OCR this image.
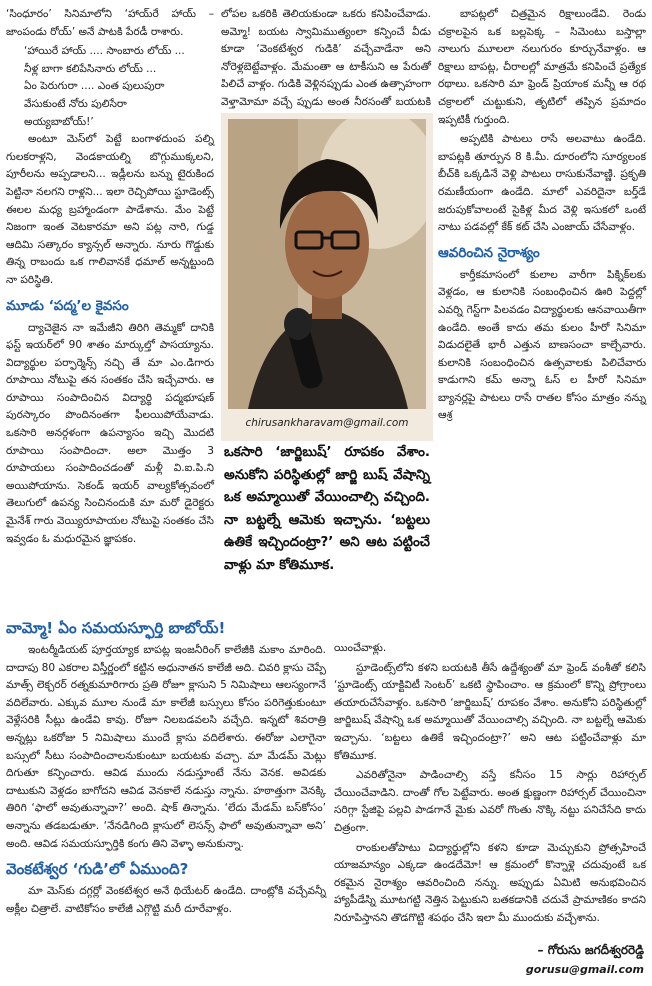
‘సింధూరం’ సినిమాలోని ‘హాయ్‌రే హాయ్ – జాంపండు రోయ్’ అనే పాటకి పేరడీ రాశారు.

‘హాయిరే హాయ్ .... సాంబారు లోయ్ ...
నీళ్ల బాగా కలిపేసినారు లోయ్ ...
ఏం పెరుగురా .... ఎంత పులుపురా
వేసుకుంటే నోరు పులిసేరా
అయ్యబాబోయ్!’

అంటూ మెస్‌లో పెట్టే బంగాళదుంప పల్ని గులకరాళ్లని, వెండకాయల్ని బొగ్గుముక్కలని, పూరీలను అప్పడాలని... ఇడ్లీలను బన్ను టైరుకింద పెట్టినా నలగని రాళ్లని... ఇలా రెచ్చిపోయి స్టూడెంట్స్ ఈలల మధ్య బ్రహ్మాండంగా పాడేశాను. మేం పెట్టే నిజంగా ఇంత వెటకారమా అని పట్ల నారి, గుడ్డ ఆదిమి సత్కారం క్యాన్సల్ అన్నారు. నూరు గొడ్డుకు తిన్న రాబందు ఒక గాలివానకే ధమాల్ అన్నట్టుంది నా పరిస్థితి.

మూడు ‘పద్మ’ల కైవసం

ద్యాచెజైన నా ఇమేజీని తిరిగి తెమ్మకో దానికి ఫస్ట్ ఇయర్‌లో 90 శాతం మార్కుల్తో పాసయ్యాను. విద్యార్థుల పర్ఫార్మెన్స్ నచ్చి తే మా ఎం.డిగారు రూపాయి నోటుపై తన సంతకం చేసి ఇచ్చేవారు. ఆ రూపాయి సంపాదించిన విద్యార్థి పద్మభూషణ్ పురస్కారం పొందినంతగా ఫీలయిపోయేవాడు. ఒకసారి అనర్గళంగా ఉపన్యాసం ఇచ్చి మొదటి రూపాయి సంపాదించా. అలా మొత్తం 3 రూపాయలు సంపాదించడంతో మళ్లీ వి.ఐ.పి.ని అయిపోయాను. సెకండ్ ఇయర్ వాల్యకోత్సవంలో తెలుగులో ఉపన్య సించినందుకి మా మరో డైరెక్టరు మైనేశ్ గారు వెయ్యిరూపాయల నోటుపై సంతకం చేసి ఇవ్వడం ఓ మధురమైన జ్ఞాపకం.

లోపల ఒకరికి తెలియకుండా ఒకరు కనిపించేవాడు. అమ్మో! బయట స్వామిముత్యంలా కన్పించే వీడు కూడా ‘వెంకటేశ్వర గుడికి’ వచ్చేవాడేనా అని నోరెళ్లబెట్టేవాళ్లం. మేమంతా ఆ టాకీసుని ఆ పేరుతో పిలిచే వాళ్లం. గుడికి వెళ్లినప్పుడు ఎంత ఉత్సాహంగా వెళ్తామోమా వచ్చే ప్పుడు అంత నీరసంతో బయటకి

chirusankharavam@gmail.com

ఒకసారి ‘జార్జిబుష్’ రూపకం వేశాం. అనుకోని పరిస్థితుల్లో జార్జి బుష్ వేషాన్ని ఒక అమ్మాయితో వేయించాల్సి వచ్చింది. నా బట్టల్నే ఆమెకు ఇచ్చాను. ‘బట్టలు ఉతికే ఇచ్చిందంట్రా?’ అని ఆట పట్టించే వాళ్లు మా కోతిమూక.

బాపట్లలో చిత్రమైన రిక్షాలుండేవి. రెండు చక్రాలపైన ఒక బల్లపెక్క – సిమెంటు బస్తాల్లా నాలుగు మూలలా నలుగురం కూర్చునేవాళ్లం. ఆ రిక్షాలు బాపట్ల, చీరాలల్లో మాత్రమే కనిపించే ప్రత్యేక రథాలు. ఒకసారి మా ఫ్రెండ్ ప్రియాంక మన్నీ ఆ రథ చక్రాలలో చుట్టుకుని, తృటిలో తప్పిన ప్రమాదం ఇప్పటికీ గుర్తుంది.

అప్పటికి పాటలు రాసే అలవాటు ఉండేది. బాపట్లకి తూర్పున 8 కి.మీ. దూరంలోని సూర్యలంక బీచ్‌కి ఒక్కడినే వెళ్లి పాటలు రాసుకునేవాణ్ణి. ప్రకృతి రమణీయంగా ఉండేది. మాలో ఎవరిదైనా బర్త్‌డే జరుపుకోవాలంటే సైకిళ్ల మీద వెళ్లి ఇసుకలో ఒంటే నాటు పడవల్లో కేక్ కట్ చేసి ఎంజాయ్ చేసేవాళ్లం.

ఆవరించిన నైరాశ్యం

కార్తీకమాసంలో కులాల వారీగా పిక్నిక్‌లకు వెళ్లడం, ఆ కులానికి సంబంధించిన ఊరి పెద్దల్లో ఎవర్ని గెస్ట్‌గా పిలవడం విద్యార్థులకు ఆనవాయితీగా ఉండేది. అంతే కాదు తమ కులం హీరో సినిమా విడుదలైతే భారీ ఎత్తున బాణసంచా కాల్చేవారు. కులానికి సంబంధించిన ఉత్సవాలకు పిలిచేవారు కాడుగాని కమ్ అన్నా ఓస్ ల హీరో సినిమా బ్యానర్లపై పాటలు రాసే రాతల కోసం మాత్రం నన్ను ఆశ్ర

వామ్మో! ఏం సమయస్ఫూర్తి బాబోయ్!

ఇంటర్మీడియట్ పూర్తయ్యాక బాపట్ల ఇంజనీరింగ్ కాలేజీకి మకాం మారింది. దాదాపు 80 ఎకరాల విస్తీర్ణంలో కట్టిన అధునాతన కాలేజీ అది. చివరి క్లాసు చెప్పే మాత్స్ లెక్చరర్ రత్నకుమారిగారు ప్రతి రోజూ క్లాసుని 5 నిమిషాలు ఆలస్యంగానే వదిలేవారు. ఎక్కువ మూల నుండే మా కాలేజీ బస్సులు కోసం పరిగెత్తుకుంటూ వెళ్లేసరికి సీట్లు ఉండేవి కావు. రోజూ నిలబడవలసి వచ్చేది. ఇన్నటో శివరాత్రి అన్నట్లు ఒకరోజు 5 నిమిషాలు ముందే క్లాసు వదిలేశారు. ఈరోజు ఎలాగైనా బస్సులో సీటు సంపాదించాలనుకుంటూ బయటకు వచ్చా. మా మేడమ్ మెట్లు దిగుతూ కన్పించారు. ఆవిడ ముందు నడుస్తూంటే నేను వెనక. అవిడకు దాటుకుని వెళ్లడం బాగోదని ఆవిడ వెనకాలే నడుస్తు న్నాను. హఠాత్తుగా వెనక్కి తిరిగి ‘ఫాలో అవుతున్నావా?’ అంది. షాక్ తిన్నాను. ‘లేదు మేడమ్ బస్‌కోసం’ అన్నాను తడబడుతూ. ‘నేనడిగింది క్లాసులో లెసన్స్ ఫాలో అవుతున్నావా అని’ అంది. ఆవిడ సమయస్ఫూర్తికి కంగు తిని వెళ్ళా అనుకున్నా.

వెంకటేశ్వర ‘గుడి’లో ఏముంది?

మా మెస్‌కు దగ్గర్లో వెంకటేశ్వర అనే థియేటర్ ఉండేది. దాంట్లోకి వచ్చేవన్నీ అక్లీల చిత్రాలే. వాటికోసం కాలేజీ ఎగ్గొట్టి మరీ దూరేవాళ్లం.

యించేవాళ్లు.

స్టూడెంట్స్‌లోని కళని బయటకి తీసే ఉద్దేశ్యంతో మా ఫ్రెండ్ వంశీతో కలిసి ‘స్టూడెంట్స్ యాక్టివిటీ సెంటర్’ ఒకటి స్థాపించాం. ఆ క్రమంలో కొన్ని ప్రోగ్రాంలు తయారుచేసేవాళ్లం. ఒకసారి ‘జార్జిబుష్’ రూపకం వేశాం. అనుకోని పరిస్థితుల్లో జార్జిబుష్ వేషాన్ని ఒక అమ్మాయితో వేయించాల్సి వచ్చింది. నా బట్టల్నే ఆమెకు ఇచ్చాను. ‘బట్టలు ఉతికే ఇచ్చిందంట్రా?’ అని ఆట పట్టించేవాళ్లు మా కోతిమూక.

ఎవరితోనైనా పాడించాల్సి వస్తే కనీసం 15 సార్లు రిహార్సల్ చేయించేవాడిని. దాంతో గోల పెట్టేవారు. అంత క్షుణ్ణంగా రిహార్సల్ చేయించినా సరిగ్గా స్టేజిపై పల్లవి పాడగానే మైకు ఎవరో గొంతు నొక్కి నట్టు పనిచేసేది కాదు చిత్రంగా.

రాంకులతోపాటు విద్యార్థుల్లోని కళని కూడా మెచ్చుకుని ప్రోత్సహించే యాజమాన్యం ఎక్కడా ఉండదేమో! ఆ క్రమంలో కొన్నాళ్లె చదువుంటే ఒక రకమైన నైరాశ్యం ఆవరించింది నన్ను. అప్పుడు ఏమిటి అనుభవించిన హ్యాపీడేస్ని మూటగట్టి నెత్తిన పెట్టుకుని బతకడానికి చదువే ప్రామాణికం కాదని నిరూపిస్తానని తొడగొట్టి శపథం చేసి ఇలా మీ ముందుకు వచ్చేశాను.

– గోరుసు జగదీశ్వరరెడ్డి
gorusu@gmail.com
